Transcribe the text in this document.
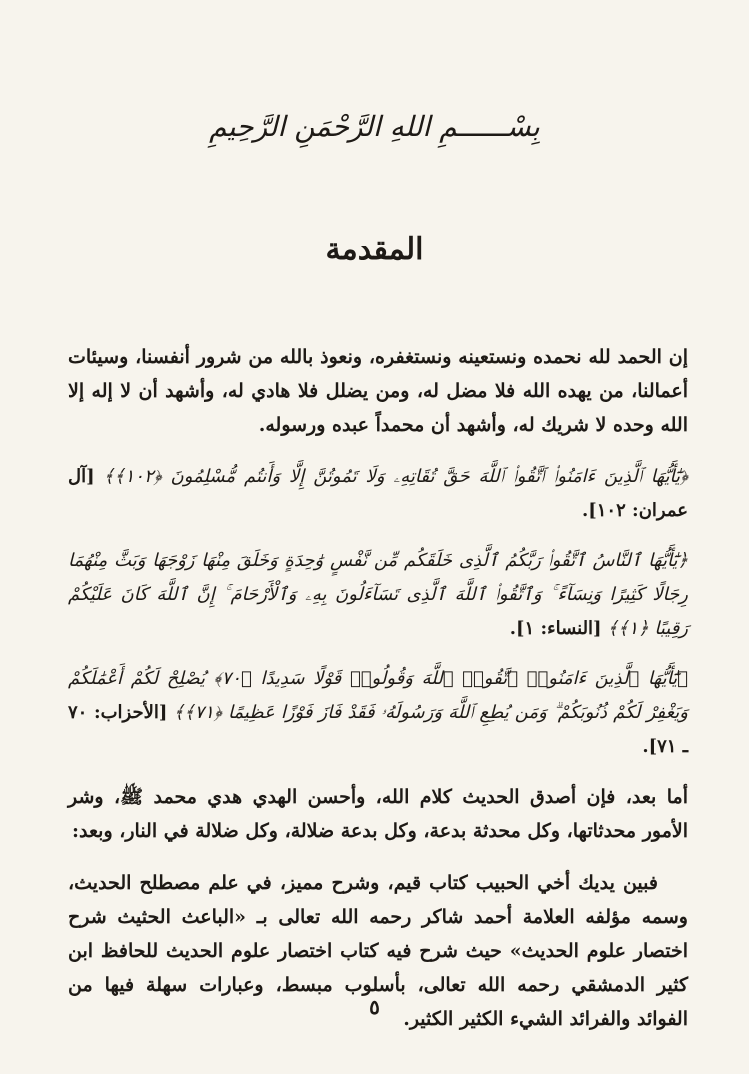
بِسْــــــمِ اللهِ الرَّحْمَنِ الرَّحِيمِ
المقدمة

إن الحمد لله نحمده ونستعينه ونستغفره، ونعوذ بالله من شرور أنفسنا، وسيئات أعمالنا، من يهده الله فلا مضل له، ومن يضلل فلا هادي له، وأشهد أن لا إله إلا الله وحده لا شريك له، وأشهد أن محمداً عبده ورسوله.

﴿يَٰٓأَيُّهَا ٱلَّذِينَ ءَامَنُوا۟ ٱتَّقُوا۟ ٱللَّهَ حَقَّ تُقَاتِهِۦ وَلَا تَمُوتُنَّ إِلَّا وَأَنتُم مُّسْلِمُونَ ﴿١٠٢﴾﴾ [آل عمران: ١٠٢].

﴿يَٰٓأَيُّهَا ٱلنَّاسُ ٱتَّقُوا۟ رَبَّكُمُ ٱلَّذِى خَلَقَكُم مِّن نَّفْسٍ وَٰحِدَةٍ وَخَلَقَ مِنْهَا زَوْجَهَا وَبَثَّ مِنْهُمَا رِجَالًا كَثِيرًا وَنِسَآءً ۚ وَٱتَّقُوا۟ ٱللَّهَ ٱلَّذِى تَسَآءَلُونَ بِهِۦ وَٱلْأَرْحَامَ ۚ إِنَّ ٱللَّهَ كَانَ عَلَيْكُمْ رَقِيبًا ﴿١﴾﴾ [النساء: ١].

﴿يَٰٓأَيُّهَا ٱلَّذِينَ ءَامَنُوا۟ ٱتَّقُوا۟ ٱللَّهَ وَقُولُوا۟ قَوْلًا سَدِيدًا ﴿٧٠﴾ يُصْلِحْ لَكُمْ أَعْمَٰلَكُمْ وَيَغْفِرْ لَكُمْ ذُنُوبَكُمْ ۗ وَمَن يُطِعِ ٱللَّهَ وَرَسُولَهُۥ فَقَدْ فَازَ فَوْزًا عَظِيمًا ﴿٧١﴾﴾ [الأحزاب: ٧٠ ـ ٧١].

أما بعد، فإن أصدق الحديث كلام الله، وأحسن الهدي هدي محمد ﷺ، وشر الأمور محدثاتها، وكل محدثة بدعة، وكل بدعة ضلالة، وكل ضلالة في النار، وبعد:

فبين يديك أخي الحبيب كتاب قيم، وشرح مميز، في علم مصطلح الحديث، وسمه مؤلفه العلامة أحمد شاكر رحمه الله تعالى بـ «الباعث الحثيث شرح اختصار علوم الحديث» حيث شرح فيه كتاب اختصار علوم الحديث للحافظ ابن كثير الدمشقي رحمه الله تعالى، بأسلوب مبسط، وعبارات سهلة فيها من الفوائد والفرائد الشيء الكثير الكثير.

٥
